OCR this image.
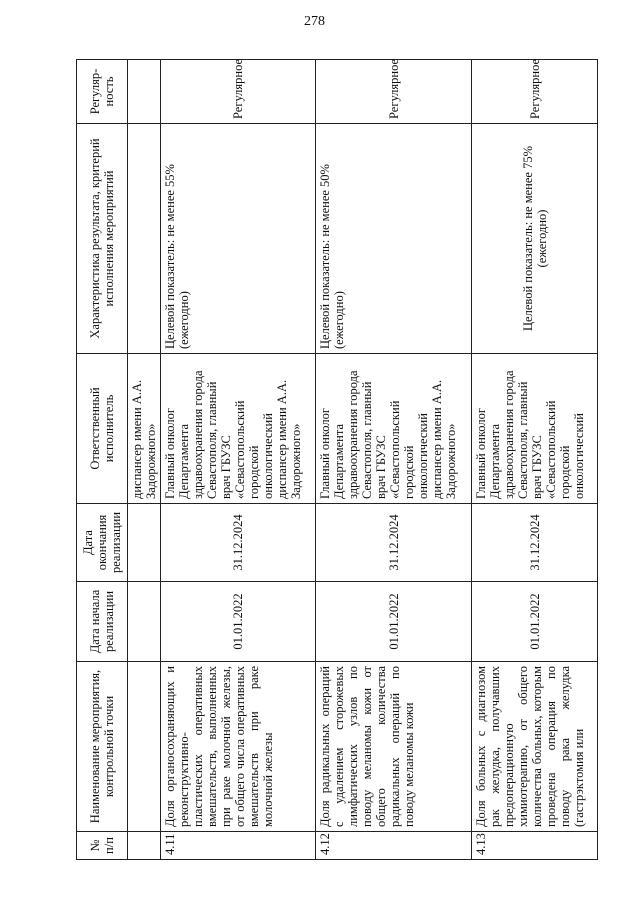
278
№ п/п	Наименование мероприятия, контрольной точки	Дата начала реализации	Дата окончания реализации	Ответственный исполнитель	Характеристика результата, критерий исполнения мероприятий	Регуляр-ность
				диспансер имени А.А. Задорожного»		
4.11	Доля органосохраняющих и реконструктивно-пластических оперативных вмешательств, выполненных при раке молочной железы, от общего числа оперативных вмешательств при раке молочной железы	01.01.2022	31.12.2024	Главный онколог Департамента здравоохранения города Севастополя, главный врач ГБУЗС «Севастопольский городской онкологический диспансер имени А.А. Задорожного»	Целевой показатель: не менее 55% (ежегодно)	Регулярное
4.12	Доля радикальных операций с удалением сторожевых лимфатических узлов по поводу меланомы кожи от общего количества радикальных операций по поводу меланомы кожи	01.01.2022	31.12.2024	Главный онколог Департамента здравоохранения города Севастополя, главный врач ГБУЗС «Севастопольский городской онкологический диспансер имени А.А. Задорожного»	Целевой показатель: не менее 50% (ежегодно)	Регулярное
4.13	Доля больных с диагнозом рак желудка, получавших предоперационную химиотерапию, от общего количества больных, которым проведена операция по поводу рака желудка (гастрэктомия или	01.01.2022	31.12.2024	Главный онколог Департамента здравоохранения города Севастополя, главный врач ГБУЗС «Севастопольский городской онкологический	Целевой показатель: не менее 75% (ежегодно)	Регулярное
